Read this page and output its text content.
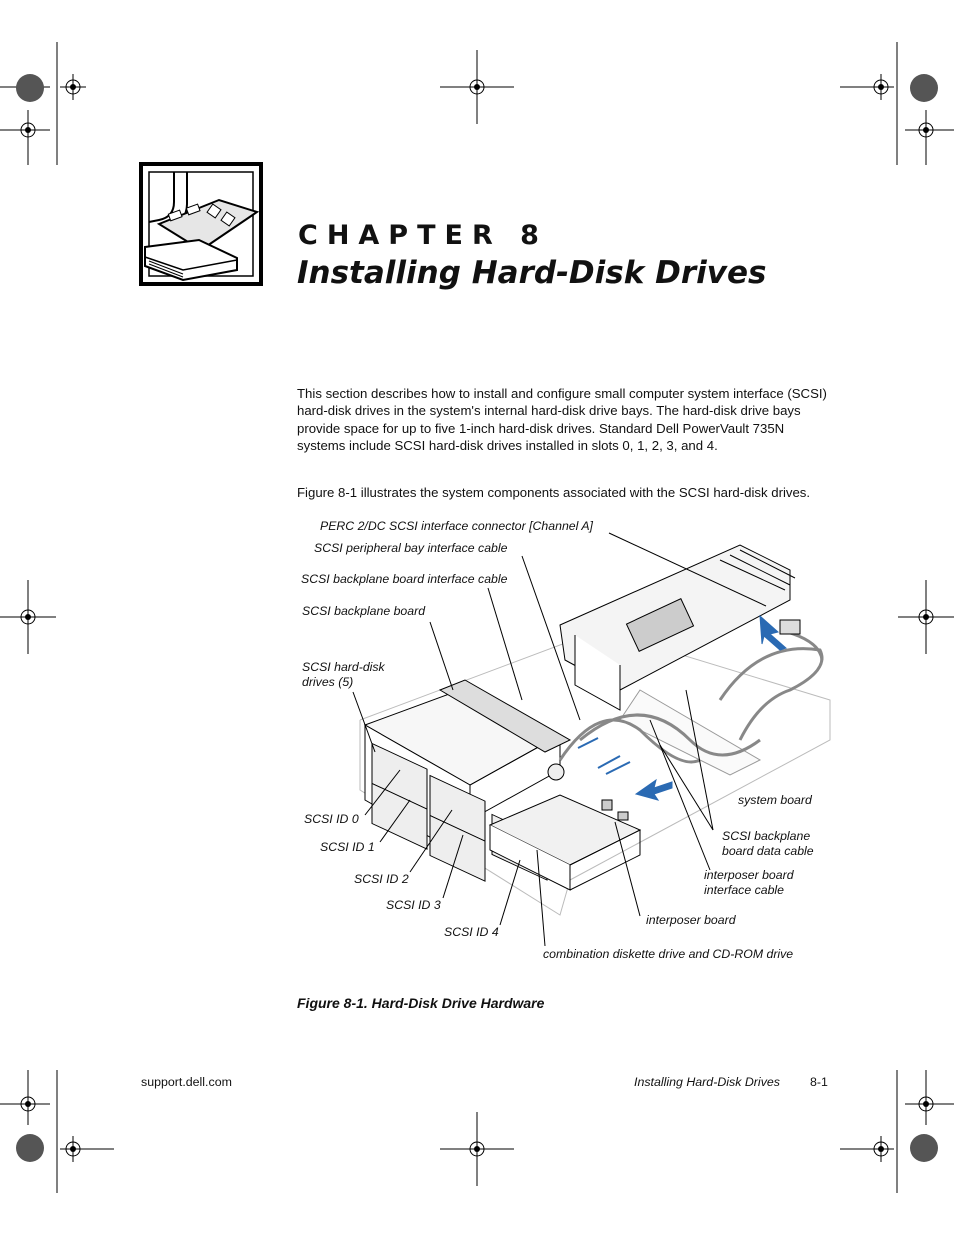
CHAPTER 8
Installing Hard-Disk Drives

This section describes how to install and configure small computer system interface (SCSI) hard-disk drives in the system's internal hard-disk drive bays. The hard-disk drive bays provide space for up to five 1-inch hard-disk drives. Standard Dell PowerVault 735N systems include SCSI hard-disk drives installed in slots 0, 1, 2, 3, and 4.

Figure 8-1 illustrates the system components associated with the SCSI hard-disk drives.

PERC 2/DC SCSI interface connector [Channel A]
SCSI peripheral bay interface cable
SCSI backplane board interface cable
SCSI backplane board
SCSI hard-disk
drives (5)
SCSI ID 0
SCSI ID 1
SCSI ID 2
SCSI ID 3
SCSI ID 4
system board
SCSI backplane
board data cable
interposer board
interface cable
interposer board
combination diskette drive and CD-ROM drive

Figure 8-1. Hard-Disk Drive Hardware

support.dell.com	Installing Hard-Disk Drives 8-1
